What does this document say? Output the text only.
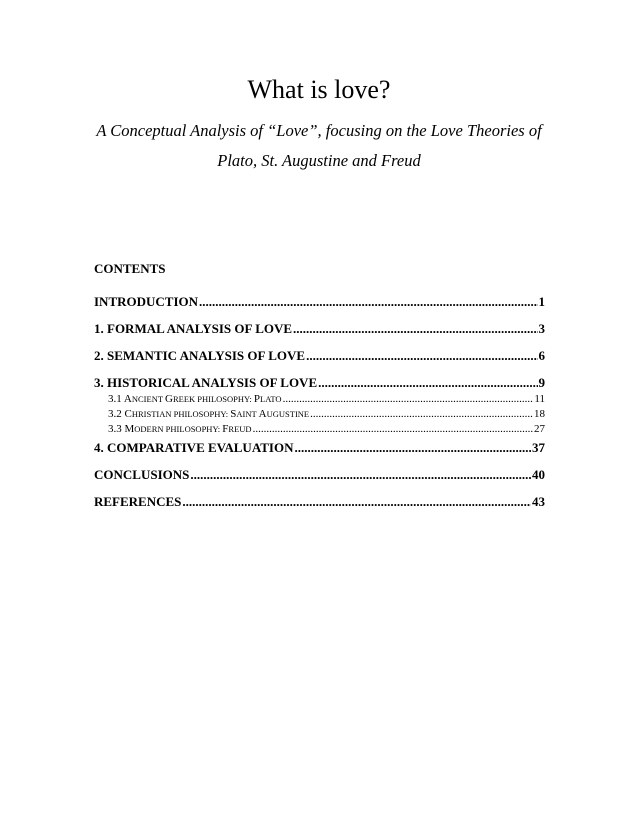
What is love?
A Conceptual Analysis of “Love”, focusing on the Love Theories of
Plato, St. Augustine and Freud
CONTENTS
INTRODUCTION .....	1
1. FORMAL ANALYSIS OF LOVE .....	3
2. SEMANTIC ANALYSIS OF LOVE .....	6
3. HISTORICAL ANALYSIS OF LOVE .....	9
3.1 ANCIENT GREEK PHILOSOPHY: PLATO .....	11
3.2 CHRISTIAN PHILOSOPHY: SAINT AUGUSTINE .....	18
3.3 MODERN PHILOSOPHY: FREUD .....	27
4. COMPARATIVE EVALUATION .....	37
CONCLUSIONS .....	40
REFERENCES .....	43
